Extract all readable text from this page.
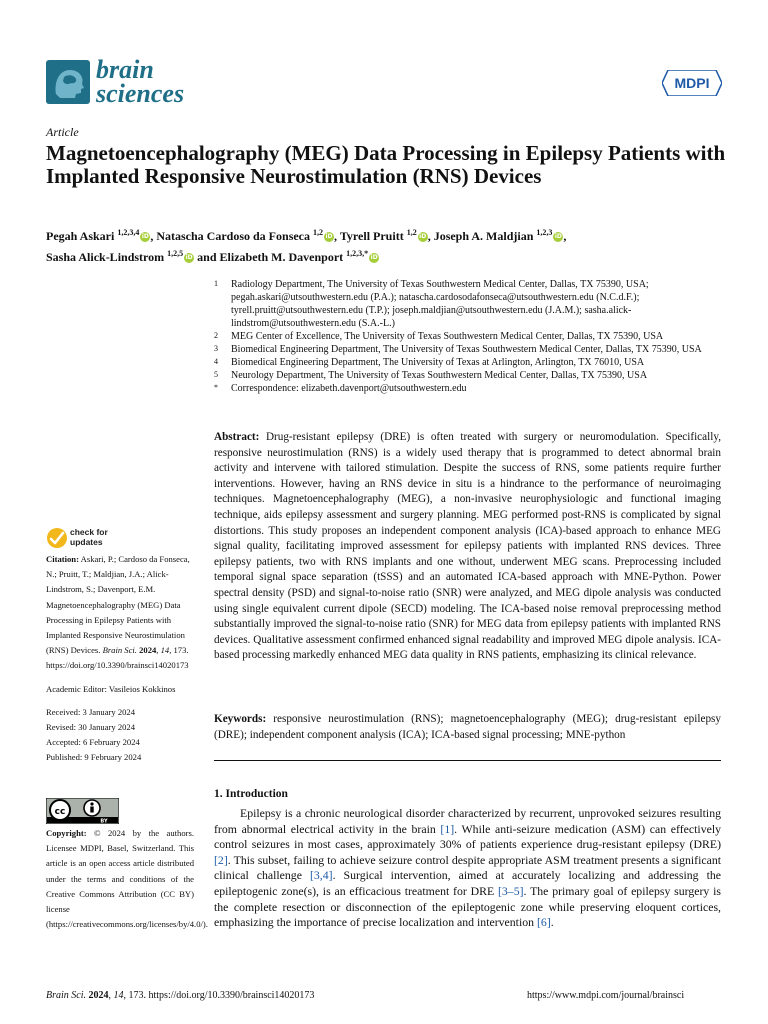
brain
sciences	MDPI
Article
Magnetoencephalography (MEG) Data Processing in Epilepsy Patients with Implanted Responsive Neurostimulation (RNS) Devices
Pegah Askari $^{1,2,3,4}$ iD, Natascha Cardoso da Fonseca $^{1,2}$ iD, Tyrell Pruitt $^{1,2}$ iD, Joseph A. Maldjian $^{1,2,3}$ iD,
Sasha Alick-Lindstrom $^{1,2,5}$ iD and Elizabeth M. Davenport $^{1,2,3,*}$ iD
1	Radiology Department, The University of Texas Southwestern Medical Center, Dallas, TX 75390, USA; pegah.askari@utsouthwestern.edu (P.A.); natascha.cardosodafonseca@utsouthwestern.edu (N.C.d.F.); tyrell.pruitt@utsouthwestern.edu (T.P.); joseph.maldjian@utsouthwestern.edu (J.A.M.); sasha.alick-lindstrom@utsouthwestern.edu (S.A.-L.)
2	MEG Center of Excellence, The University of Texas Southwestern Medical Center, Dallas, TX 75390, USA
3	Biomedical Engineering Department, The University of Texas Southwestern Medical Center, Dallas, TX 75390, USA
4	Biomedical Engineering Department, The University of Texas at Arlington, Arlington, TX 76010, USA
5	Neurology Department, The University of Texas Southwestern Medical Center, Dallas, TX 75390, USA
*	Correspondence: elizabeth.davenport@utsouthwestern.edu
Abstract: Drug-resistant epilepsy (DRE) is often treated with surgery or neuromodulation. Specifically, responsive neurostimulation (RNS) is a widely used therapy that is programmed to detect abnormal brain activity and intervene with tailored stimulation. Despite the success of RNS, some patients require further interventions. However, having an RNS device in situ is a hindrance to the performance of neuroimaging techniques. Magnetoencephalography (MEG), a non-invasive neurophysiologic and functional imaging technique, aids epilepsy assessment and surgery planning. MEG performed post-RNS is complicated by signal distortions. This study proposes an independent component analysis (ICA)-based approach to enhance MEG signal quality, facilitating improved assessment for epilepsy patients with implanted RNS devices. Three epilepsy patients, two with RNS implants and one without, underwent MEG scans. Preprocessing included temporal signal space separation (tSSS) and an automated ICA-based approach with MNE-Python. Power spectral density (PSD) and signal-to-noise ratio (SNR) were analyzed, and MEG dipole analysis was conducted using single equivalent current dipole (SECD) modeling. The ICA-based noise removal preprocessing method substantially improved the signal-to-noise ratio (SNR) for MEG data from epilepsy patients with implanted RNS devices. Qualitative assessment confirmed enhanced signal readability and improved MEG dipole analysis. ICA-based processing markedly enhanced MEG data quality in RNS patients, emphasizing its clinical relevance.
Keywords: responsive neurostimulation (RNS); magnetoencephalography (MEG); drug-resistant epilepsy (DRE); independent component analysis (ICA); ICA-based signal processing; MNE-python
1. Introduction
Epilepsy is a chronic neurological disorder characterized by recurrent, unprovoked seizures resulting from abnormal electrical activity in the brain [1]. While anti-seizure medication (ASM) can effectively control seizures in most cases, approximately 30% of patients experience drug-resistant epilepsy (DRE) [2]. This subset, failing to achieve seizure control despite appropriate ASM treatment presents a significant clinical challenge [3,4]. Surgical intervention, aimed at accurately localizing and addressing the epileptogenic zone(s), is an efficacious treatment for DRE [3–5]. The primary goal of epilepsy surgery is the complete resection or disconnection of the epileptogenic zone while preserving eloquent cortices, emphasizing the importance of precise localization and intervention [6].
check for
updates

Citation: Askari, P.; Cardoso da Fonseca, N.; Pruitt, T.; Maldjian, J.A.; Alick-Lindstrom, S.; Davenport, E.M. Magnetoencephalography (MEG) Data Processing in Epilepsy Patients with Implanted Responsive Neurostimulation (RNS) Devices. Brain Sci. 2024, 14, 173. https://doi.org/10.3390/brainsci14020173

Academic Editor: Vasileios Kokkinos

Received: 3 January 2024

Revised: 30 January 2024

Accepted: 6 February 2024

Published: 9 February 2024

cc
BY
Copyright: © 2024 by the authors. Licensee MDPI, Basel, Switzerland. This article is an open access article distributed under the terms and conditions of the Creative Commons Attribution (CC BY) license (https://creativecommons.org/licenses/by/4.0/).
Brain Sci. 2024, 14, 173. https://doi.org/10.3390/brainsci14020173	https://www.mdpi.com/journal/brainsci
